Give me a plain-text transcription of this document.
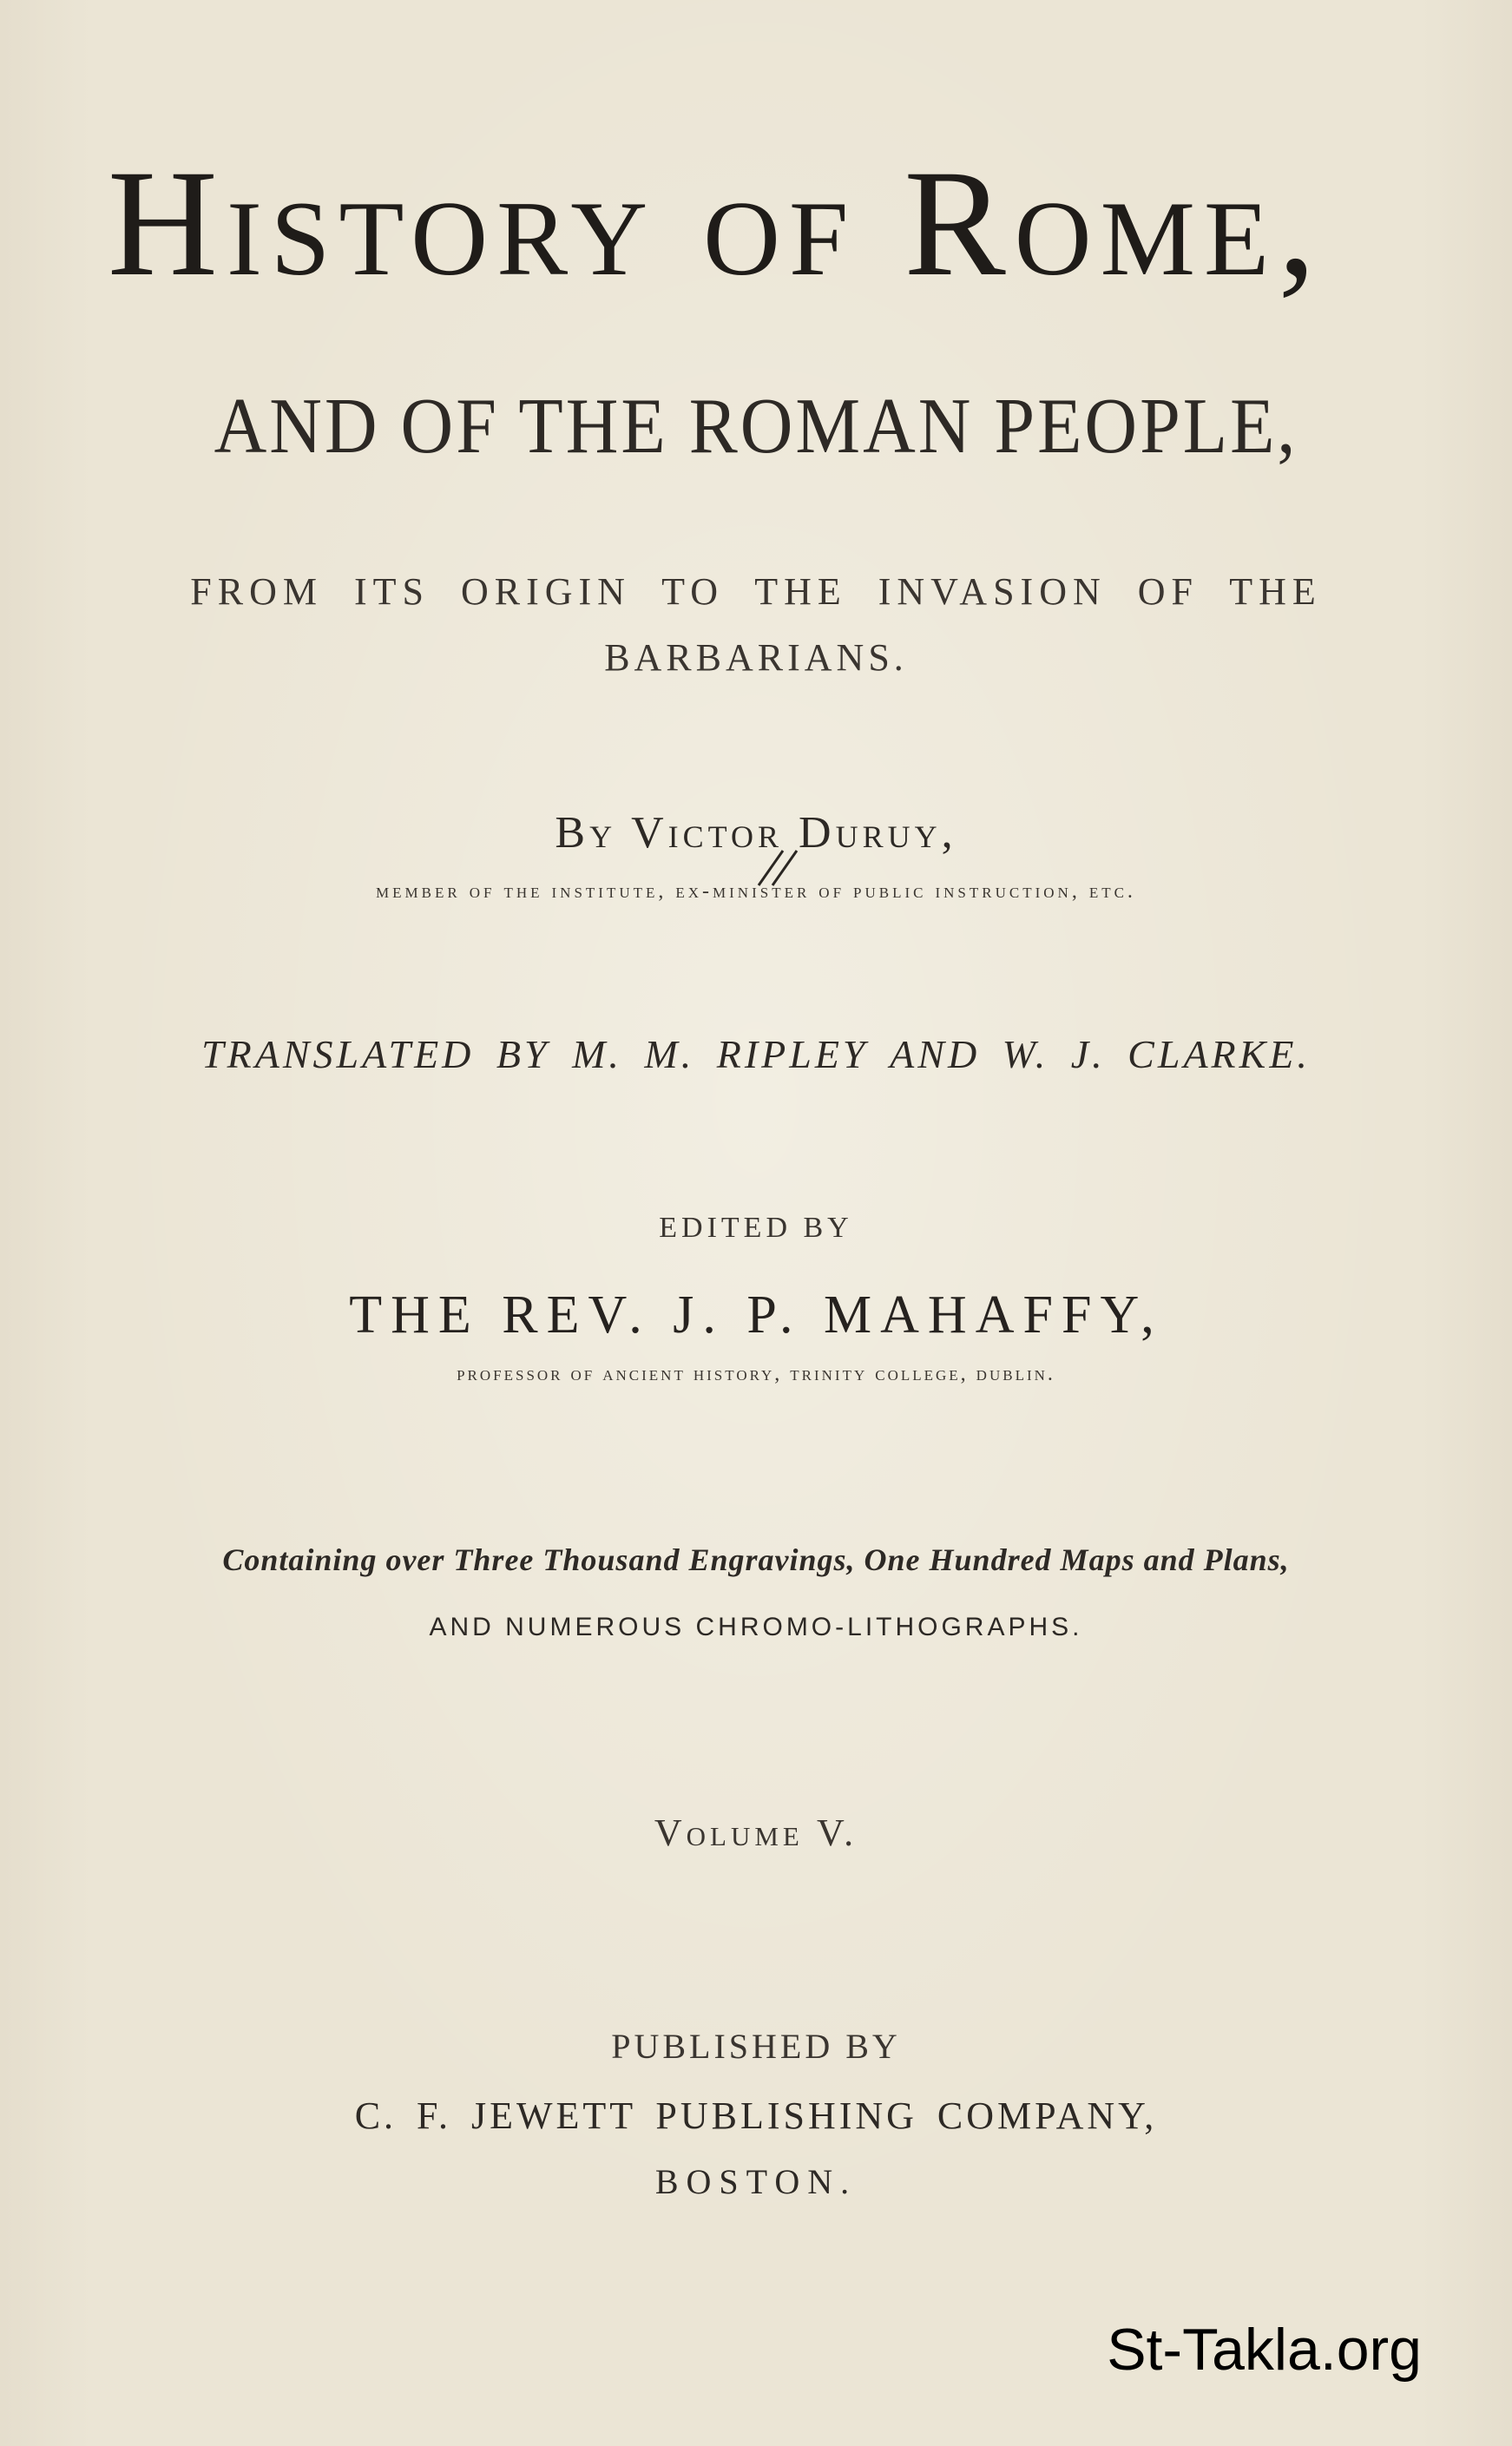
History of Rome,
AND OF THE ROMAN PEOPLE,
FROM ITS ORIGIN TO THE INVASION OF THE
BARBARIANS.
By Victor Duruy,
member of the institute, ex-minister of public instruction, etc.
TRANSLATED BY M. M. RIPLEY AND W. J. CLARKE.
EDITED BY
THE REV. J. P. MAHAFFY,
professor of ancient history, trinity college, dublin.
Containing over Three Thousand Engravings, One Hundred Maps and Plans,
AND NUMEROUS CHROMO-LITHOGRAPHS.
Volume V.
PUBLISHED BY
C. F. JEWETT PUBLISHING COMPANY,
BOSTON.
St-Takla.org
